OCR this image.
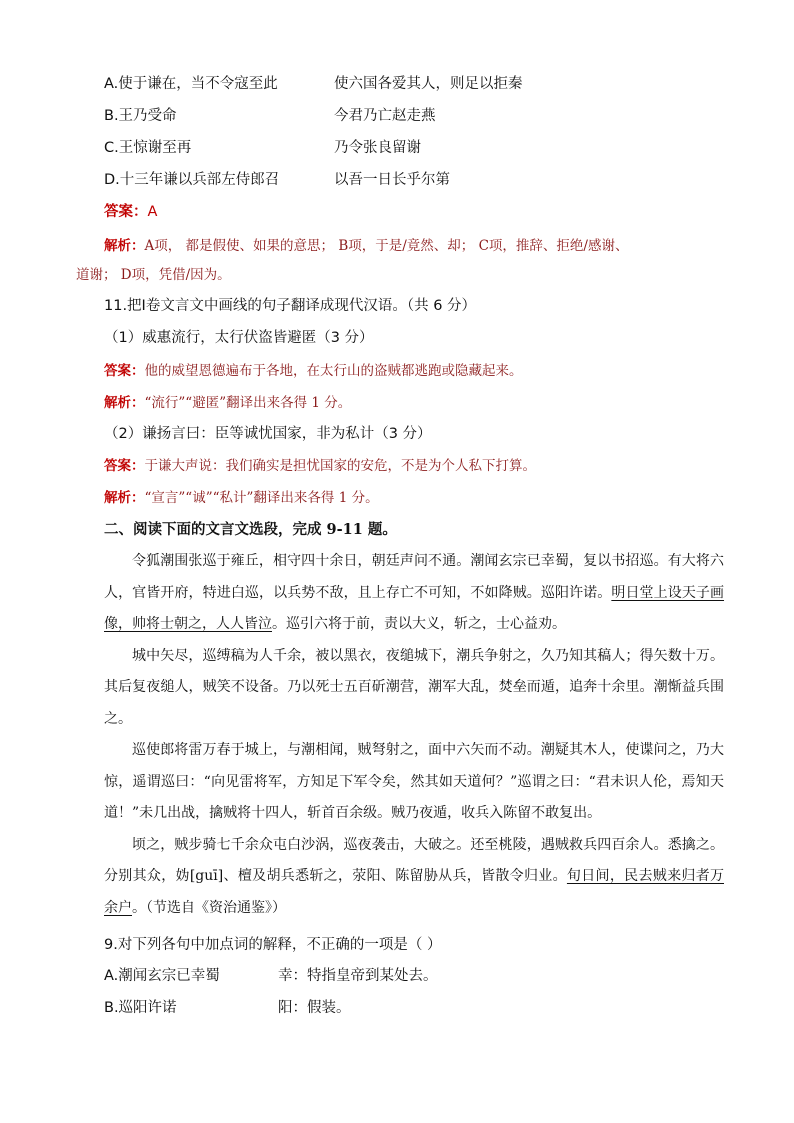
A.使于谦在，当不令寇至此	使六国各爱其人，则足以拒秦
B.王乃受命	今君乃亡赵走燕
C.王惊谢至再	乃令张良留谢
D.十三年谦以兵部左侍郎召	以吾一日长乎尔第
答案：A
解析：A项， 都是假使、如果的意思； B项，于是/竟然、却； C项，推辞、拒绝/感谢、
道谢； D项，凭借/因为。
11.把Ⅰ卷文言文中画线的句子翻译成现代汉语。（共 6 分）
（1）威惠流行，太行伏盗皆避匿（3 分）
答案：他的威望恩德遍布于各地，在太行山的盗贼都逃跑或隐藏起来。
解析：“流行”“避匿”翻译出来各得 1 分。
（2）谦扬言曰：臣等诚忧国家，非为私计（3 分）
答案：于谦大声说：我们确实是担忧国家的安危，不是为个人私下打算。
解析：“宣言”“诚”“私计”翻译出来各得 1 分。
二、阅读下面的文言文选段，完成 9-11 题。

令狐潮围张巡于雍丘，相守四十余日，朝廷声问不通。潮闻玄宗已幸蜀，复以书招巡。有大将六人，官皆开府，特进白巡，以兵势不敌，且上存亡不可知，不如降贼。巡阳许诺。明日堂上设天子画像，帅将士朝之，人人皆泣。巡引六将于前，责以大义，斩之，士心益劝。

城中矢尽，巡缚稿为人千余，被以黑衣，夜缒城下，潮兵争射之，久乃知其稿人；得矢数十万。其后复夜缒人，贼笑不设备。乃以死士五百斫潮营，潮军大乱，焚垒而遁，追奔十余里。潮惭益兵围之。

巡使郎将雷万春于城上，与潮相闻，贼弩射之，面中六矢而不动。潮疑其木人，使谍问之，乃大惊，遥谓巡曰：“向见雷将军，方知足下军令矣，然其如天道何？”巡谓之曰：“君未识人伦，焉知天道！”未几出战，擒贼将十四人，斩首百余级。贼乃夜遁，收兵入陈留不敢复出。

顷之，贼步骑七千余众屯白沙涡，巡夜袭击，大破之。还至桃陵，遇贼救兵四百余人。悉擒之。分别其众，妫[guī]、檀及胡兵悉斩之，荥阳、陈留胁从兵，皆散令归业。旬日间，民去贼来归者万余户。（节选自《资治通鉴》）

9.对下列各句中加点词的解释，不正确的一项是（ ）
A.潮闻玄宗已幸蜀	幸：特指皇帝到某处去。
B.巡阳许诺	阳：假装。
